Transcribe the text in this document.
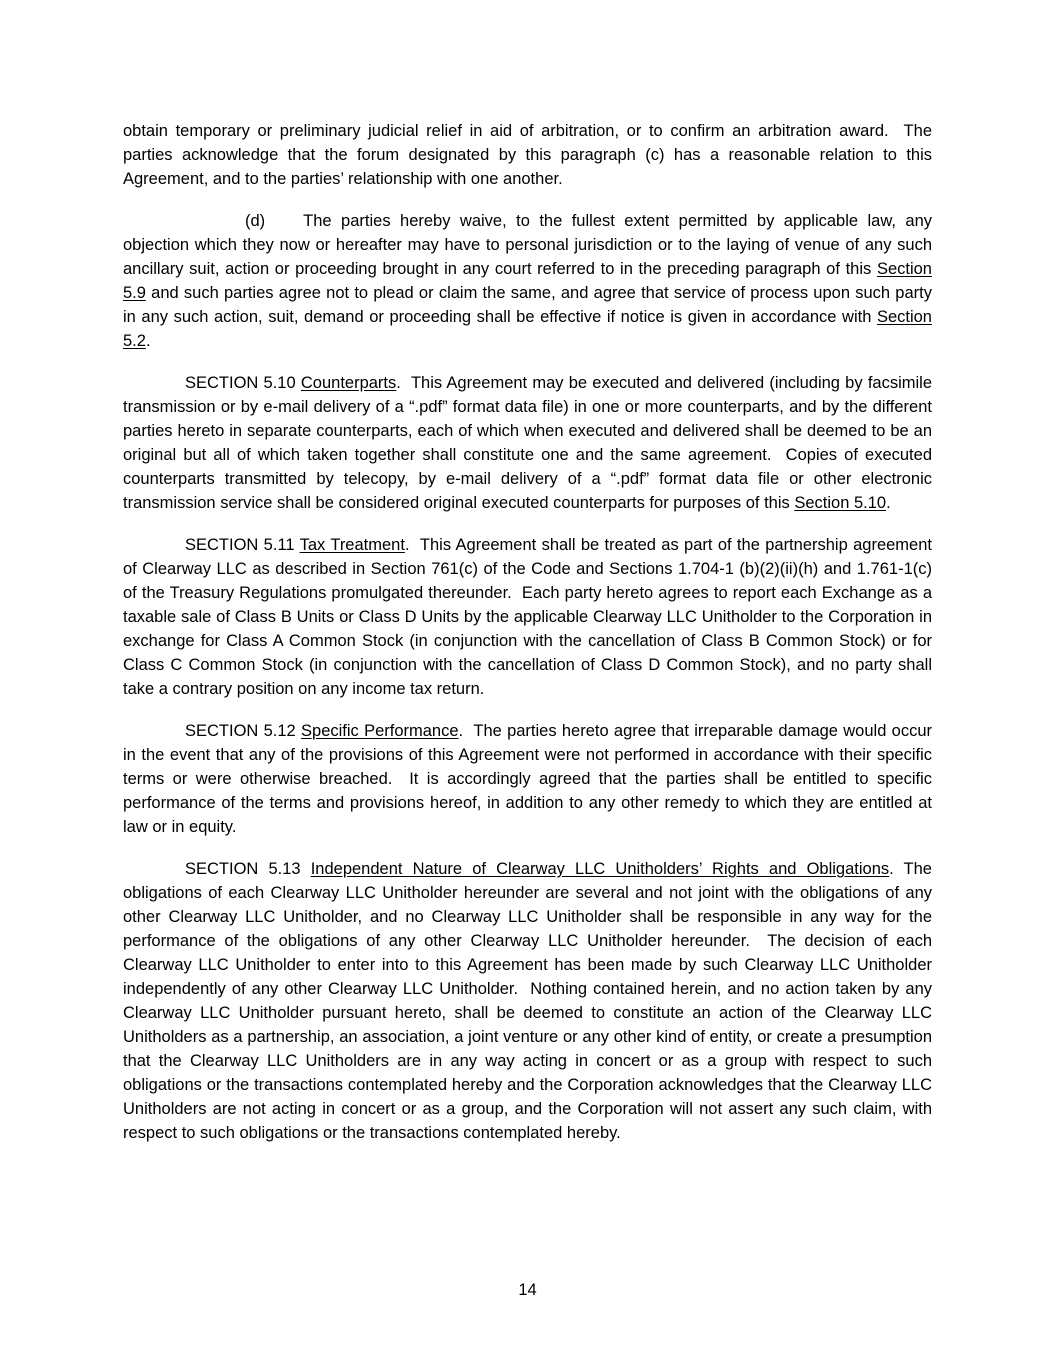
obtain temporary or preliminary judicial relief in aid of arbitration, or to confirm an arbitration award.  The parties acknowledge that the forum designated by this paragraph (c) has a reasonable relation to this Agreement, and to the parties’ relationship with one another.

(d) The parties hereby waive, to the fullest extent permitted by applicable law, any objection which they now or hereafter may have to personal jurisdiction or to the laying of venue of any such ancillary suit, action or proceeding brought in any court referred to in the preceding paragraph of this Section 5.9 and such parties agree not to plead or claim the same, and agree that service of process upon such party in any such action, suit, demand or proceeding shall be effective if notice is given in accordance with Section 5.2.

SECTION 5.10 Counterparts.  This Agreement may be executed and delivered (including by facsimile transmission or by e-mail delivery of a “.pdf” format data file) in one or more counterparts, and by the different parties hereto in separate counterparts, each of which when executed and delivered shall be deemed to be an original but all of which taken together shall constitute one and the same agreement.  Copies of executed counterparts transmitted by telecopy, by e-mail delivery of a “.pdf” format data file or other electronic transmission service shall be considered original executed counterparts for purposes of this Section 5.10.

SECTION 5.11 Tax Treatment.  This Agreement shall be treated as part of the partnership agreement of Clearway LLC as described in Section 761(c) of the Code and Sections 1.704-1 (b)(2)(ii)(h) and 1.761-1(c) of the Treasury Regulations promulgated thereunder.  Each party hereto agrees to report each Exchange as a taxable sale of Class B Units or Class D Units by the applicable Clearway LLC Unitholder to the Corporation in exchange for Class A Common Stock (in conjunction with the cancellation of Class B Common Stock) or for Class C Common Stock (in conjunction with the cancellation of Class D Common Stock), and no party shall take a contrary position on any income tax return.

SECTION 5.12 Specific Performance.  The parties hereto agree that irreparable damage would occur in the event that any of the provisions of this Agreement were not performed in accordance with their specific terms or were otherwise breached.  It is accordingly agreed that the parties shall be entitled to specific performance of the terms and provisions hereof, in addition to any other remedy to which they are entitled at law or in equity.

SECTION 5.13 Independent Nature of Clearway LLC Unitholders’ Rights and Obligations. The obligations of each Clearway LLC Unitholder hereunder are several and not joint with the obligations of any other Clearway LLC Unitholder, and no Clearway LLC Unitholder shall be responsible in any way for the performance of the obligations of any other Clearway LLC Unitholder hereunder.  The decision of each Clearway LLC Unitholder to enter into to this Agreement has been made by such Clearway LLC Unitholder independently of any other Clearway LLC Unitholder.  Nothing contained herein, and no action taken by any Clearway LLC Unitholder pursuant hereto, shall be deemed to constitute an action of the Clearway LLC Unitholders as a partnership, an association, a joint venture or any other kind of entity, or create a presumption that the Clearway LLC Unitholders are in any way acting in concert or as a group with respect to such obligations or the transactions contemplated hereby and the Corporation acknowledges that the Clearway LLC Unitholders are not acting in concert or as a group, and the Corporation will not assert any such claim, with respect to such obligations or the transactions contemplated hereby.

14
